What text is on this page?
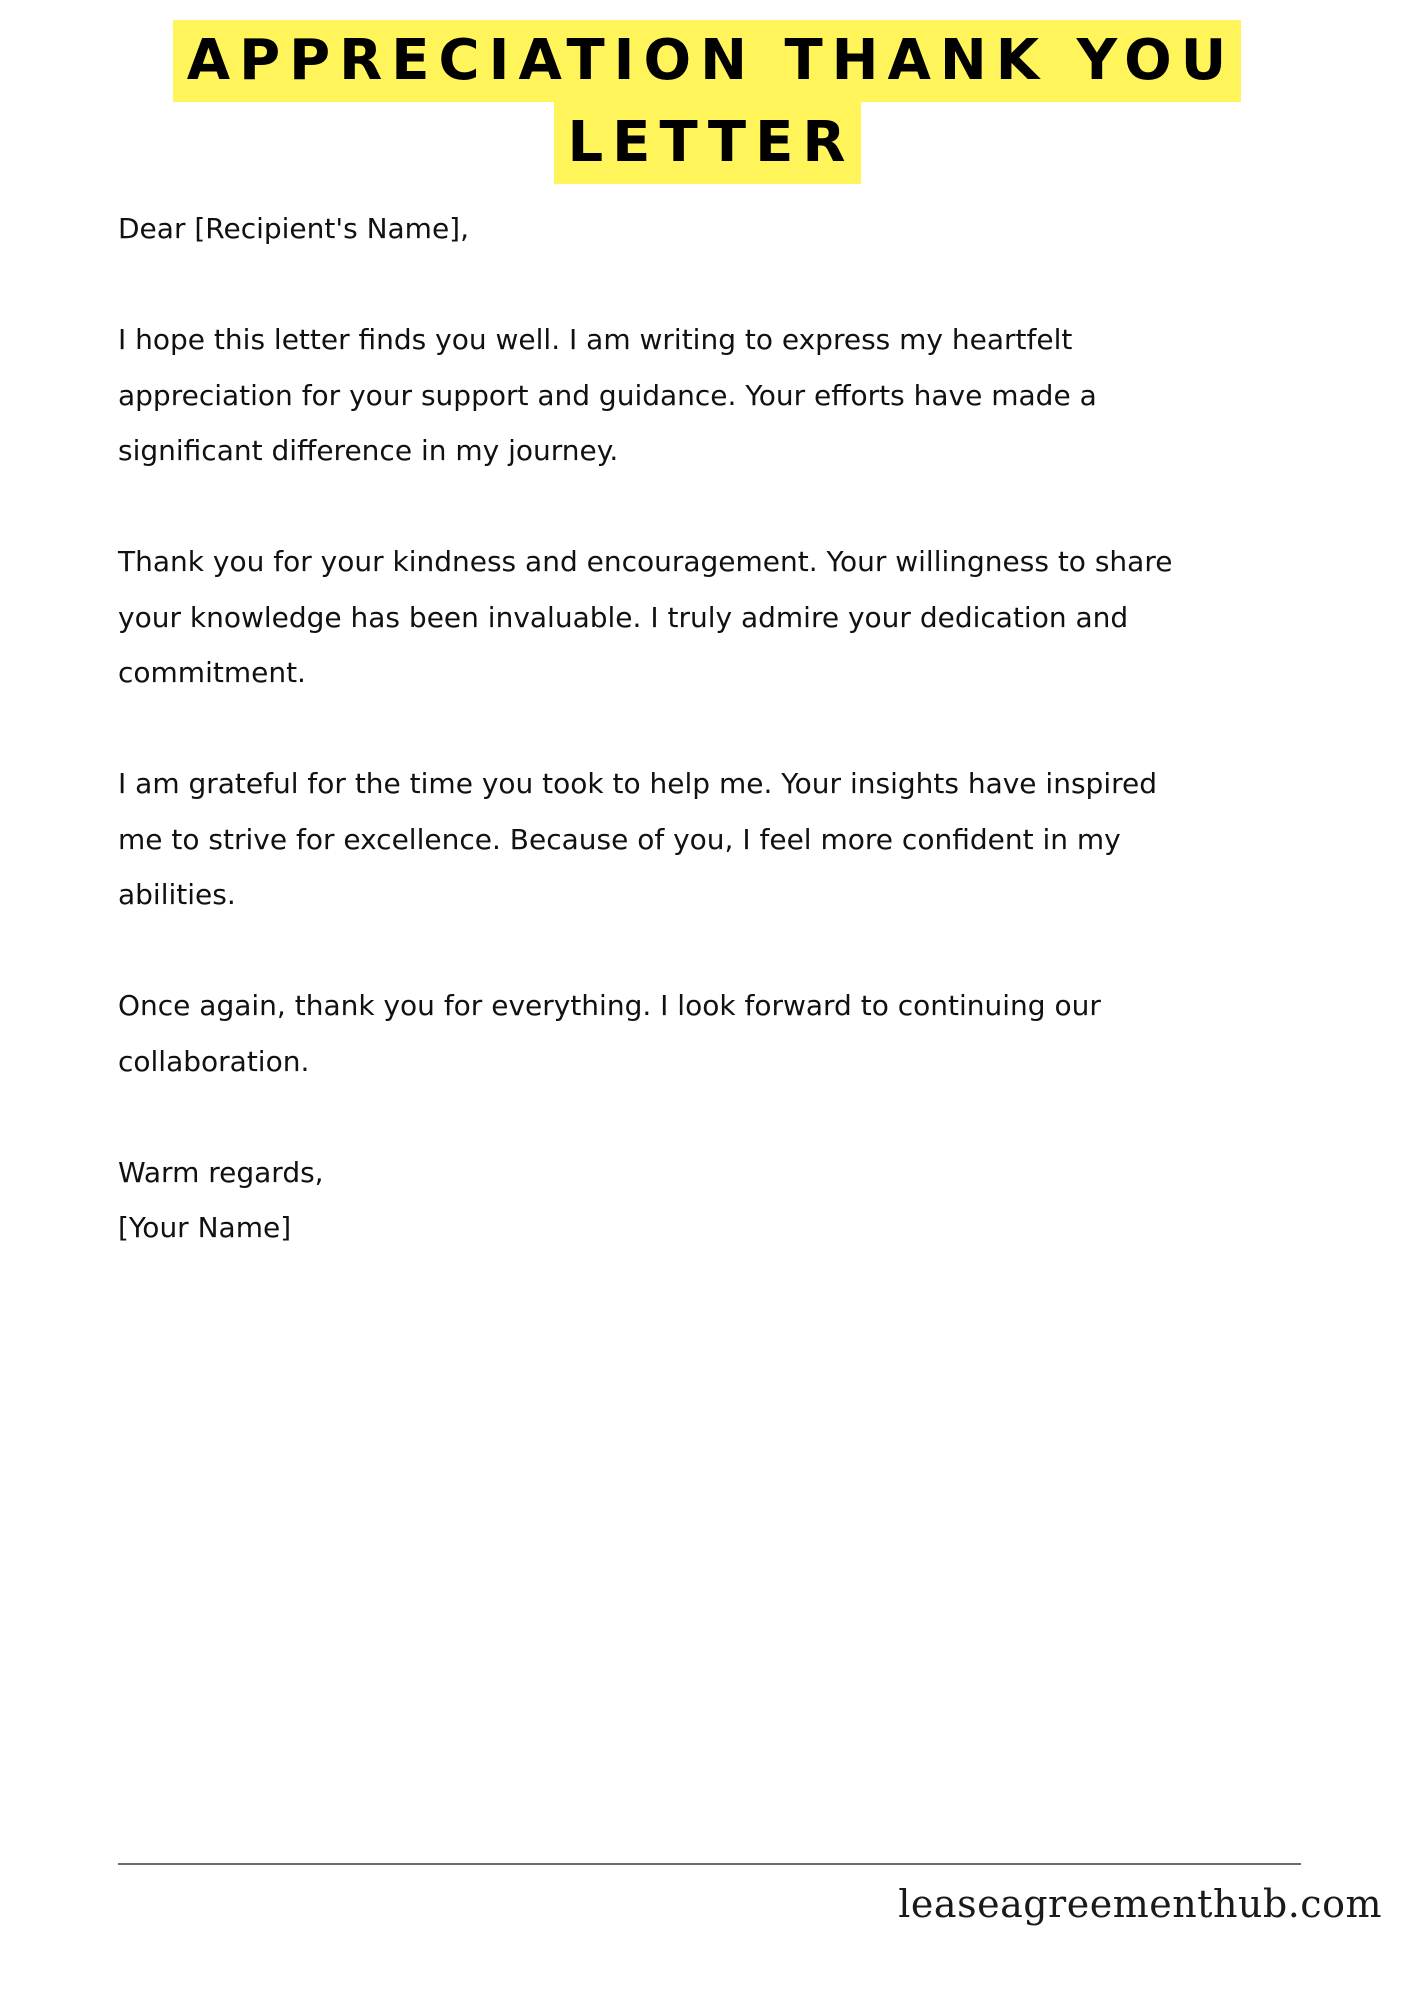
APPRECIATION THANK YOU
LETTER

Dear [Recipient's Name],

I hope this letter finds you well. I am writing to express my heartfelt
appreciation for your support and guidance. Your efforts have made a
significant difference in my journey.

Thank you for your kindness and encouragement. Your willingness to share
your knowledge has been invaluable. I truly admire your dedication and
commitment.

I am grateful for the time you took to help me. Your insights have inspired
me to strive for excellence. Because of you, I feel more confident in my
abilities.

Once again, thank you for everything. I look forward to continuing our
collaboration.

Warm regards,
[Your Name]

leaseagreementhub.com
